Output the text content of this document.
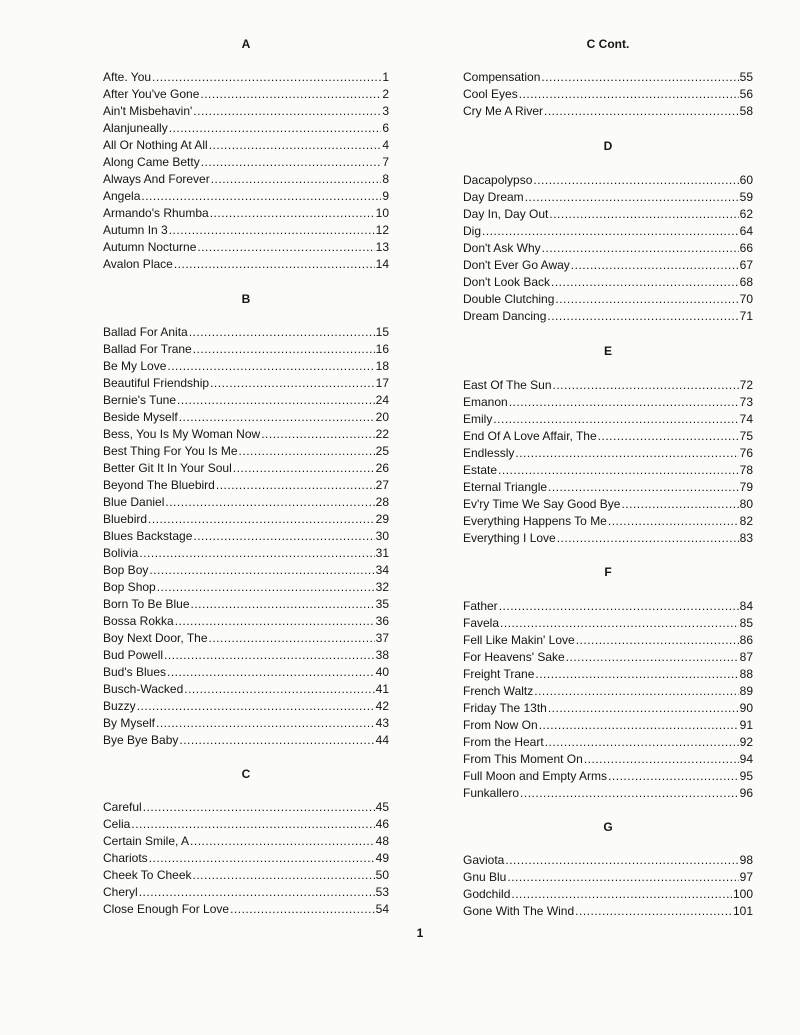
A
Afte. You .....	1
After You've Gone .....	2
Ain't Misbehavin' .....	3
Alanjuneally .....	6
All Or Nothing At All .....	4
Along Came Betty .....	7
Always And Forever .....	8
Angela .....	9
Armando's Rhumba .....	10
Autumn In 3 .....	12
Autumn Nocturne .....	13
Avalon Place .....	14
B
Ballad For Anita .....	15
Ballad For Trane .....	16
Be My Love .....	18
Beautiful Friendship .....	17
Bernie's Tune .....	24
Beside Myself .....	20
Bess, You Is My Woman Now .....	22
Best Thing For You Is Me .....	25
Better Git It In Your Soul .....	26
Beyond The Bluebird .....	27
Blue Daniel .....	28
Bluebird .....	29
Blues Backstage .....	30
Bolivia .....	31
Bop Boy .....	34
Bop Shop .....	32
Born To Be Blue .....	35
Bossa Rokka .....	36
Boy Next Door, The .....	37
Bud Powell .....	38
Bud's Blues .....	40
Busch-Wacked .....	41
Buzzy .....	42
By Myself .....	43
Bye Bye Baby .....	44
C
Careful .....	45
Celia .....	46
Certain Smile, A .....	48
Chariots .....	49
Cheek To Cheek .....	50
Cheryl .....	53
Close Enough For Love .....	54
C Cont.
Compensation .....	55
Cool Eyes .....	56
Cry Me A River .....	58
D
Dacapolypso .....	60
Day Dream .....	59
Day In, Day Out .....	62
Dig .....	64
Don't Ask Why .....	66
Don't Ever Go Away .....	67
Don't Look Back .....	68
Double Clutching .....	70
Dream Dancing .....	71
E
East Of The Sun .....	72
Emanon .....	73
Emily .....	74
End Of A Love Affair, The .....	75
Endlessly .....	76
Estate .....	78
Eternal Triangle .....	79
Ev'ry Time We Say Good Bye .....	80
Everything Happens To Me .....	82
Everything I Love .....	83
F
Father .....	84
Favela .....	85
Fell Like Makin' Love .....	86
For Heavens' Sake .....	87
Freight Trane .....	88
French Waltz .....	89
Friday The 13th .....	90
From Now On .....	91
From the Heart .....	92
From This Moment On .....	94
Full Moon and Empty Arms .....	95
Funkallero .....	96
G
Gaviota .....	98
Gnu Blu .....	97
Godchild .....	100
Gone With The Wind .....	101
1
